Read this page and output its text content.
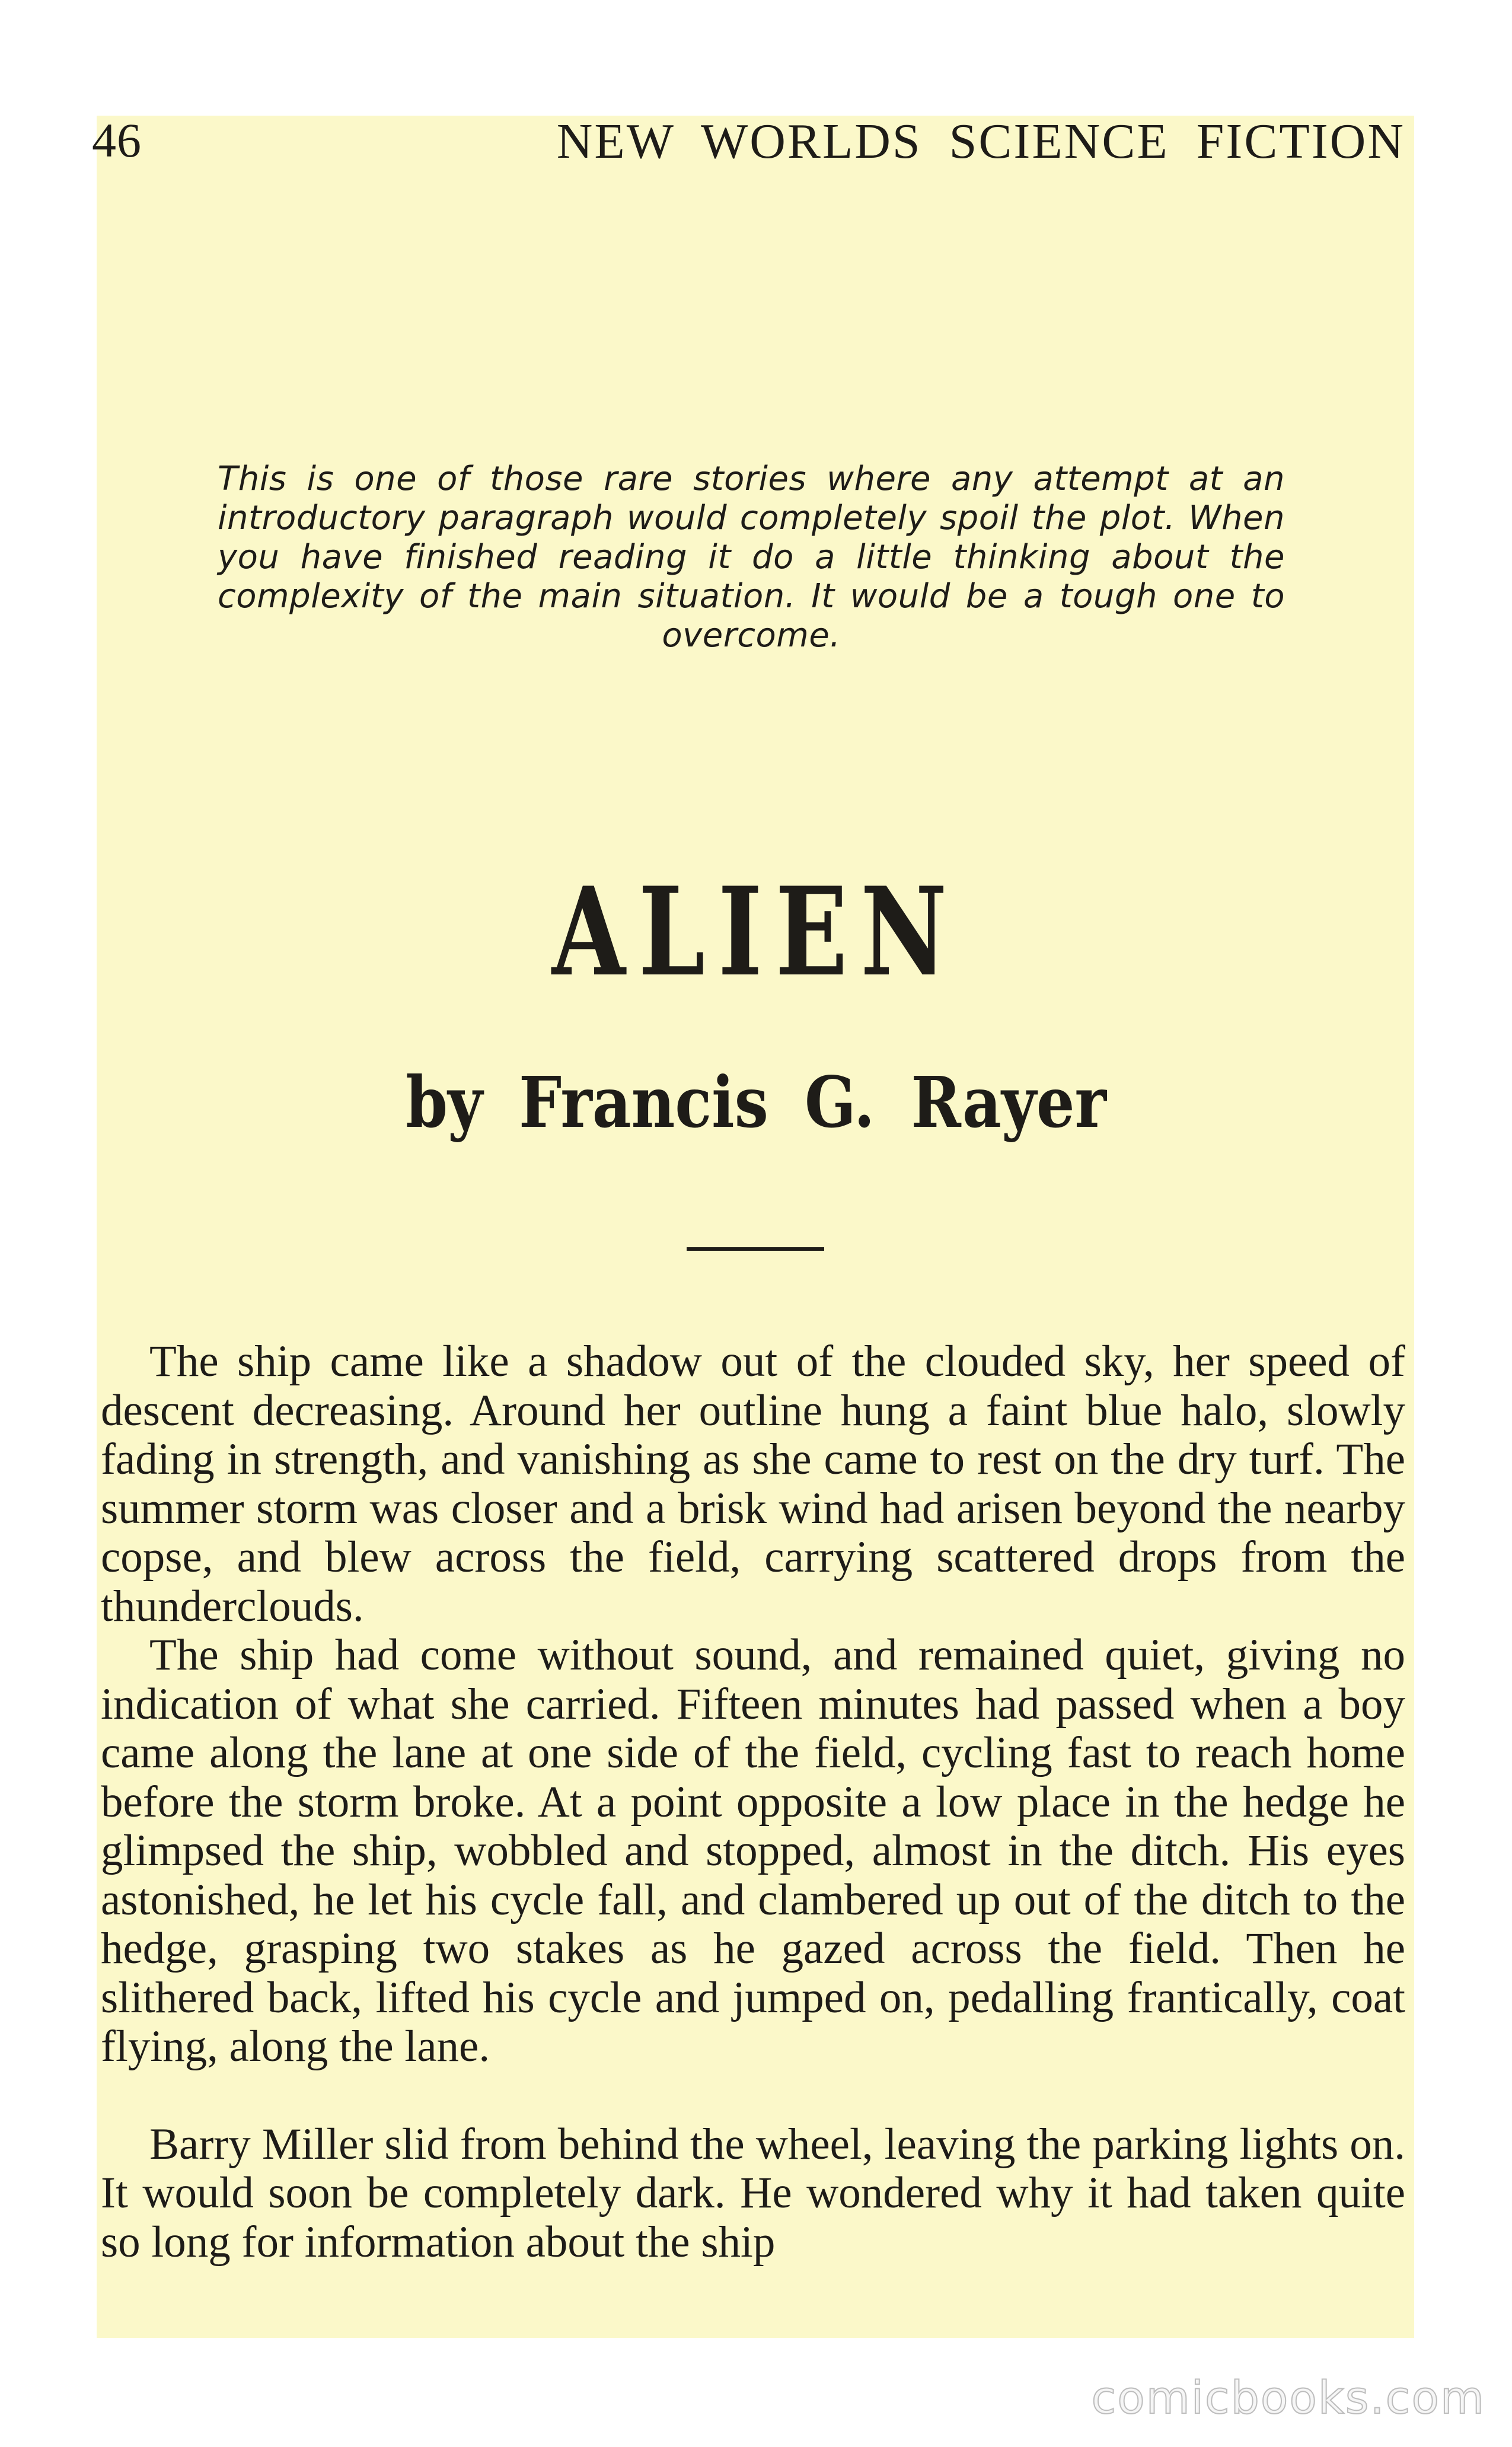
46	NEW WORLDS SCIENCE FICTION
This is one of those rare stories where any attempt at an introductory paragraph would completely spoil the plot. When you have finished reading it do a little thinking about the complexity of the main situation. It would be a tough one to overcome.
ALIEN
by Francis G. Rayer

The ship came like a shadow out of the clouded sky, her speed of descent decreasing. Around her outline hung a faint blue halo, slowly fading in strength, and vanishing as she came to rest on the dry turf. The summer storm was closer and a brisk wind had arisen beyond the nearby copse, and blew across the field, carrying scattered drops from the thunderclouds.

The ship had come without sound, and remained quiet, giving no indication of what she carried. Fifteen minutes had passed when a boy came along the lane at one side of the field, cycling fast to reach home before the storm broke. At a point opposite a low place in the hedge he glimpsed the ship, wobbled and stopped, almost in the ditch. His eyes astonished, he let his cycle fall, and clambered up out of the ditch to the hedge, grasping two stakes as he gazed across the field. Then he slithered back, lifted his cycle and jumped on, pedalling frantically, coat flying, along the lane.

Barry Miller slid from behind the wheel, leaving the parking lights on. It would soon be completely dark. He wondered why it had taken quite so long for information about the ship

comicbooks.com
